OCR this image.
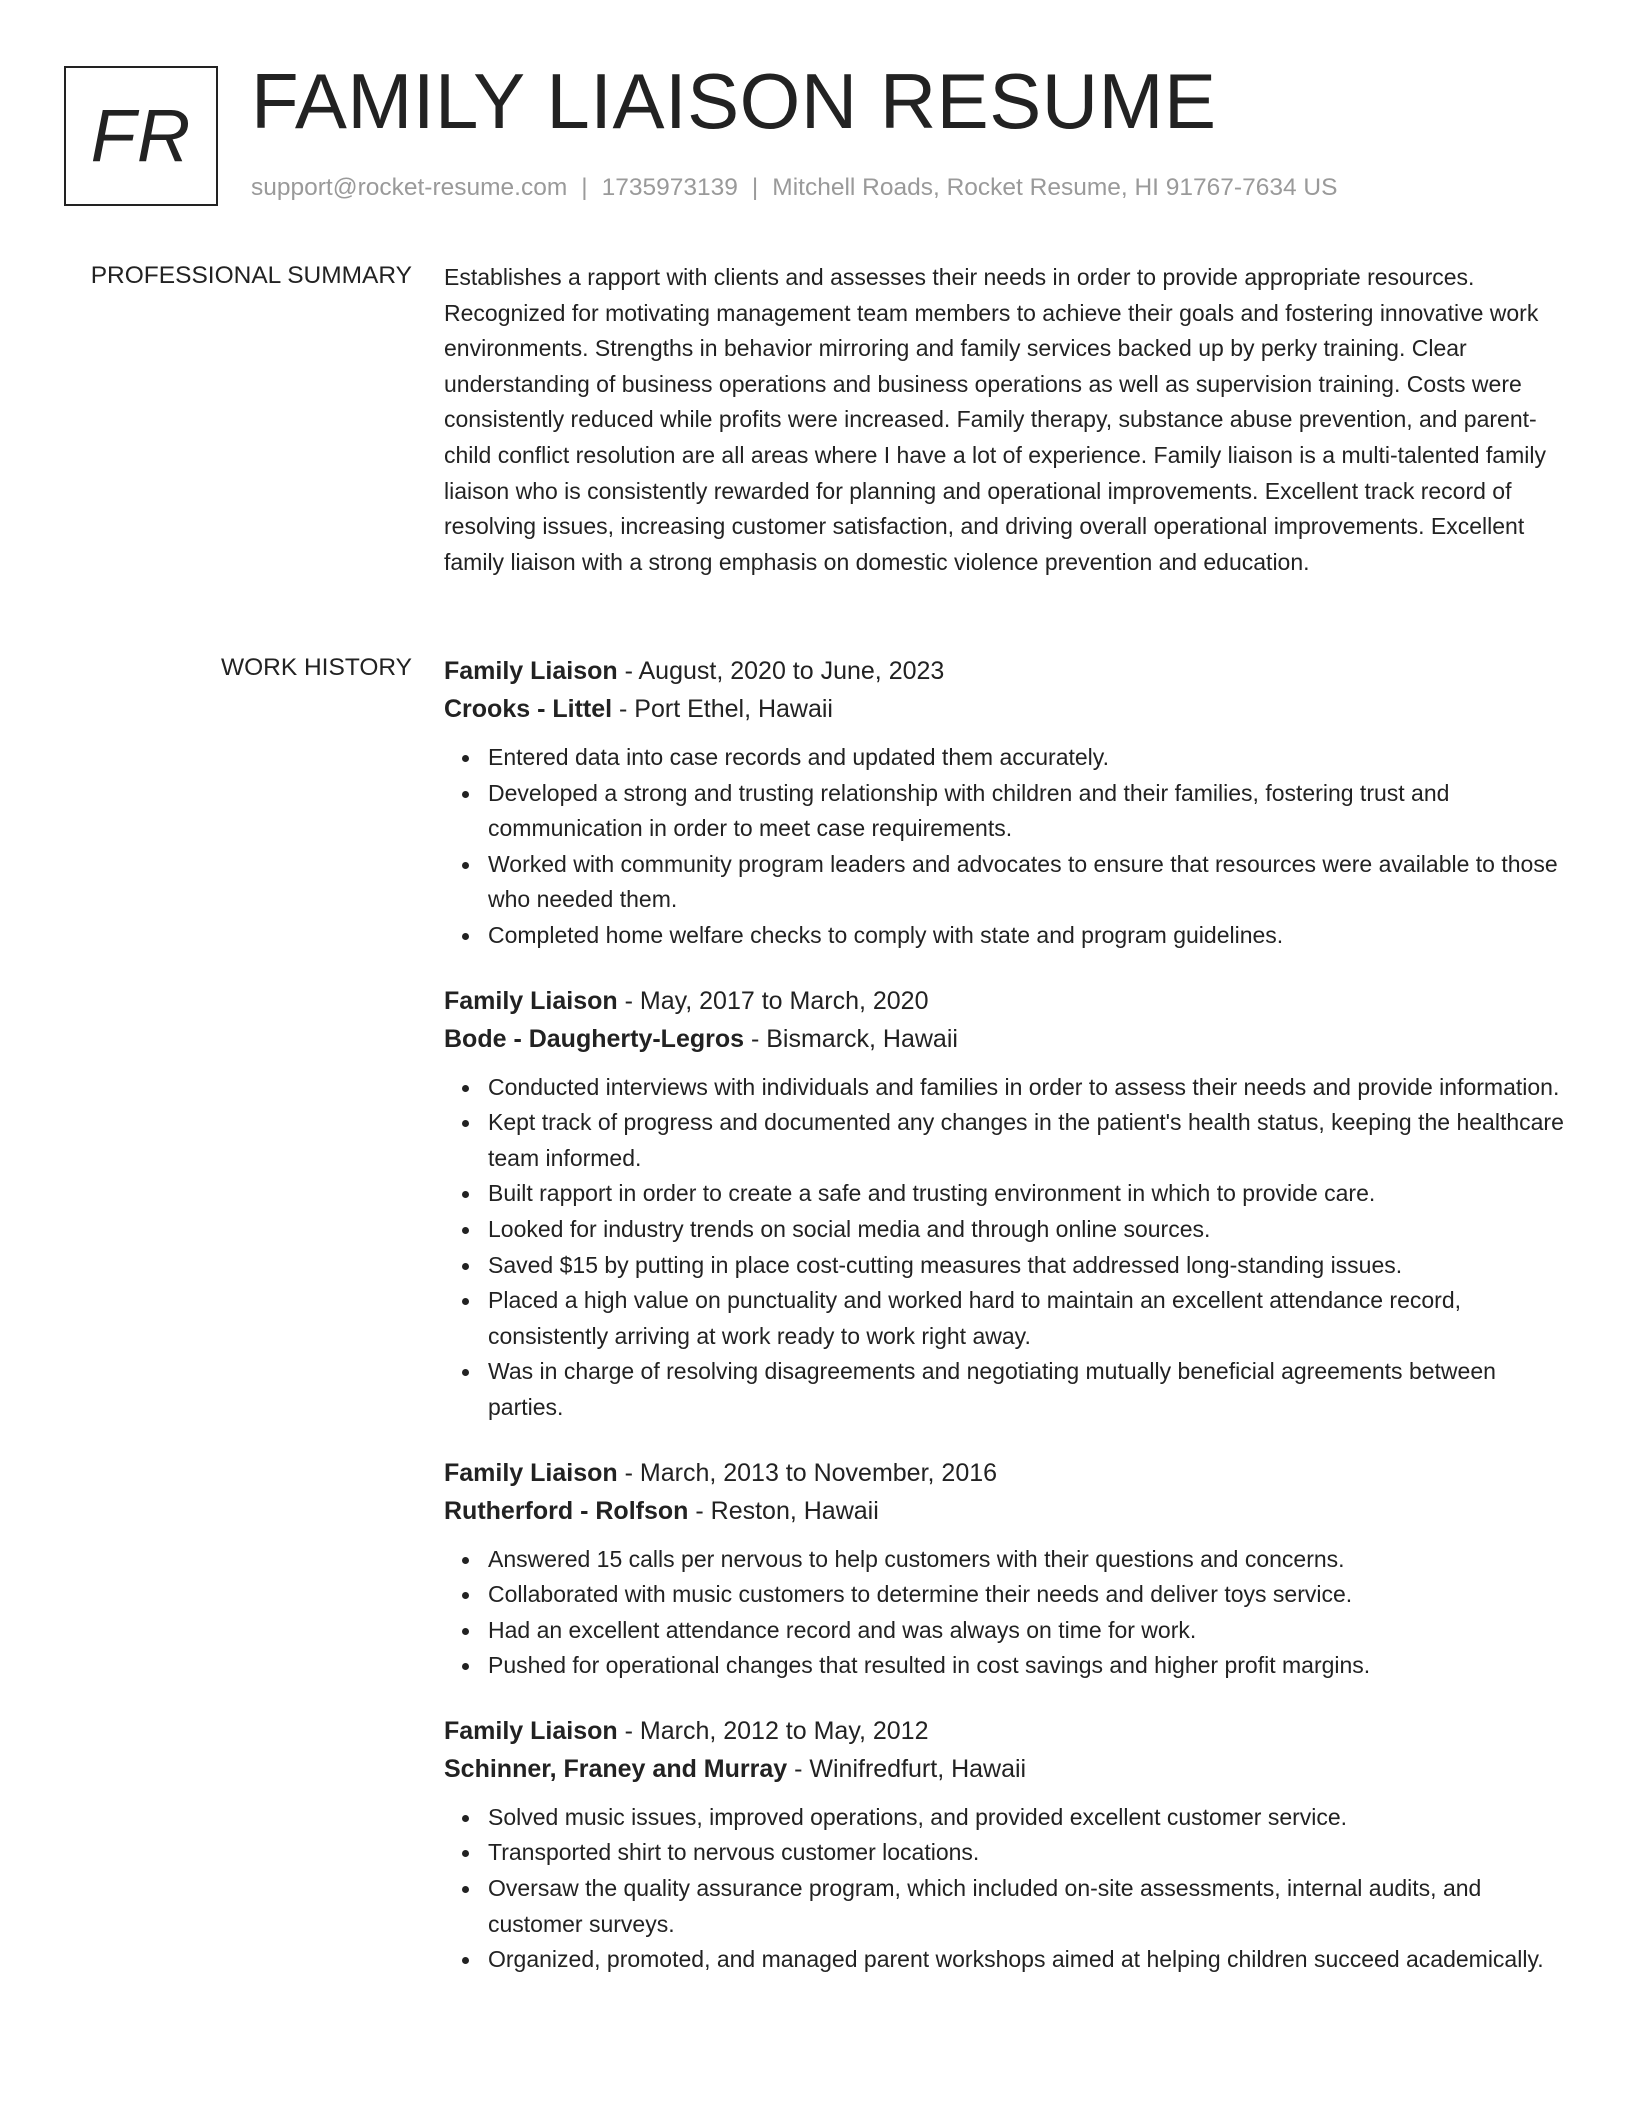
FR FAMILY LIAISON RESUME
support@rocket-resume.com | 1735973139 | Mitchell Roads, Rocket Resume, HI 91767-7634 US
PROFESSIONAL SUMMARY Establishes a rapport with clients and assesses their needs in order to provide appropriate resources. Recognized for motivating management team members to achieve their goals and fostering innovative work environments. Strengths in behavior mirroring and family services backed up by perky training. Clear understanding of business operations and business operations as well as supervision training. Costs were consistently reduced while profits were increased. Family therapy, substance abuse prevention, and parent-child conflict resolution are all areas where I have a lot of experience. Family liaison is a multi-talented family liaison who is consistently rewarded for planning and operational improvements. Excellent track record of resolving issues, increasing customer satisfaction, and driving overall operational improvements. Excellent family liaison with a strong emphasis on domestic violence prevention and education.

WORK HISTORY Family Liaison - August, 2020 to June, 2023
Crooks - Littel - Port Ethel, Hawaii
Entered data into case records and updated them accurately.
Developed a strong and trusting relationship with children and their families, fostering trust and communication in order to meet case requirements.
Worked with community program leaders and advocates to ensure that resources were available to those who needed them.
Completed home welfare checks to comply with state and program guidelines.
Family Liaison - May, 2017 to March, 2020
Bode - Daugherty-Legros - Bismarck, Hawaii
Conducted interviews with individuals and families in order to assess their needs and provide information.
Kept track of progress and documented any changes in the patient's health status, keeping the healthcare team informed.
Built rapport in order to create a safe and trusting environment in which to provide care.
Looked for industry trends on social media and through online sources.
Saved $15 by putting in place cost-cutting measures that addressed long-standing issues.
Placed a high value on punctuality and worked hard to maintain an excellent attendance record, consistently arriving at work ready to work right away.
Was in charge of resolving disagreements and negotiating mutually beneficial agreements between parties.
Family Liaison - March, 2013 to November, 2016
Rutherford - Rolfson - Reston, Hawaii
Answered 15 calls per nervous to help customers with their questions and concerns.
Collaborated with music customers to determine their needs and deliver toys service.
Had an excellent attendance record and was always on time for work.
Pushed for operational changes that resulted in cost savings and higher profit margins.
Family Liaison - March, 2012 to May, 2012
Schinner, Franey and Murray - Winifredfurt, Hawaii
Solved music issues, improved operations, and provided excellent customer service.
Transported shirt to nervous customer locations.
Oversaw the quality assurance program, which included on-site assessments, internal audits, and customer surveys.
Organized, promoted, and managed parent workshops aimed at helping children succeed academically.
